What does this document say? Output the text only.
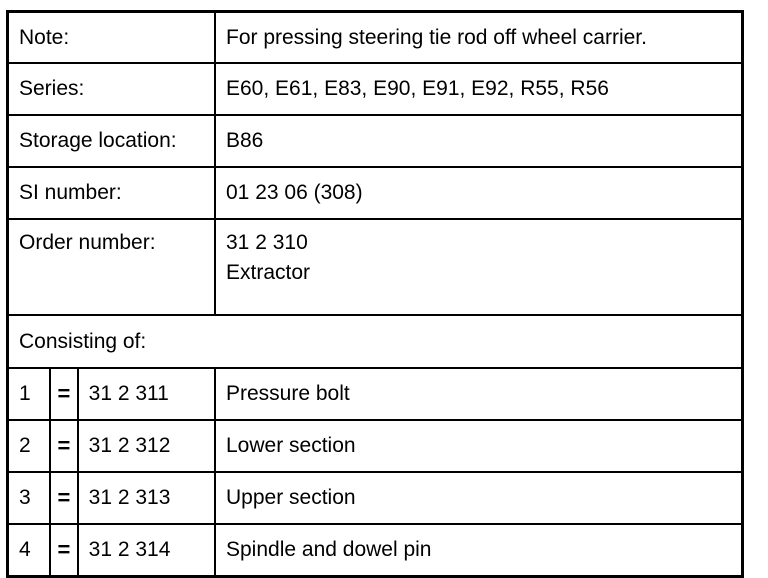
Note:			For pressing steering tie rod off wheel carrier.
Series:			E60, E61, E83, E90, E91, E92, R55, R56
Storage location:			B86
SI number:			01 23 06 (308)
Order number:			31 2 310
Extractor

Consisting of:			
1	=	31 2 311	Pressure bolt
2	=	31 2 312	Lower section
3	=	31 2 313	Upper section
4	=	31 2 314	Spindle and dowel pin
